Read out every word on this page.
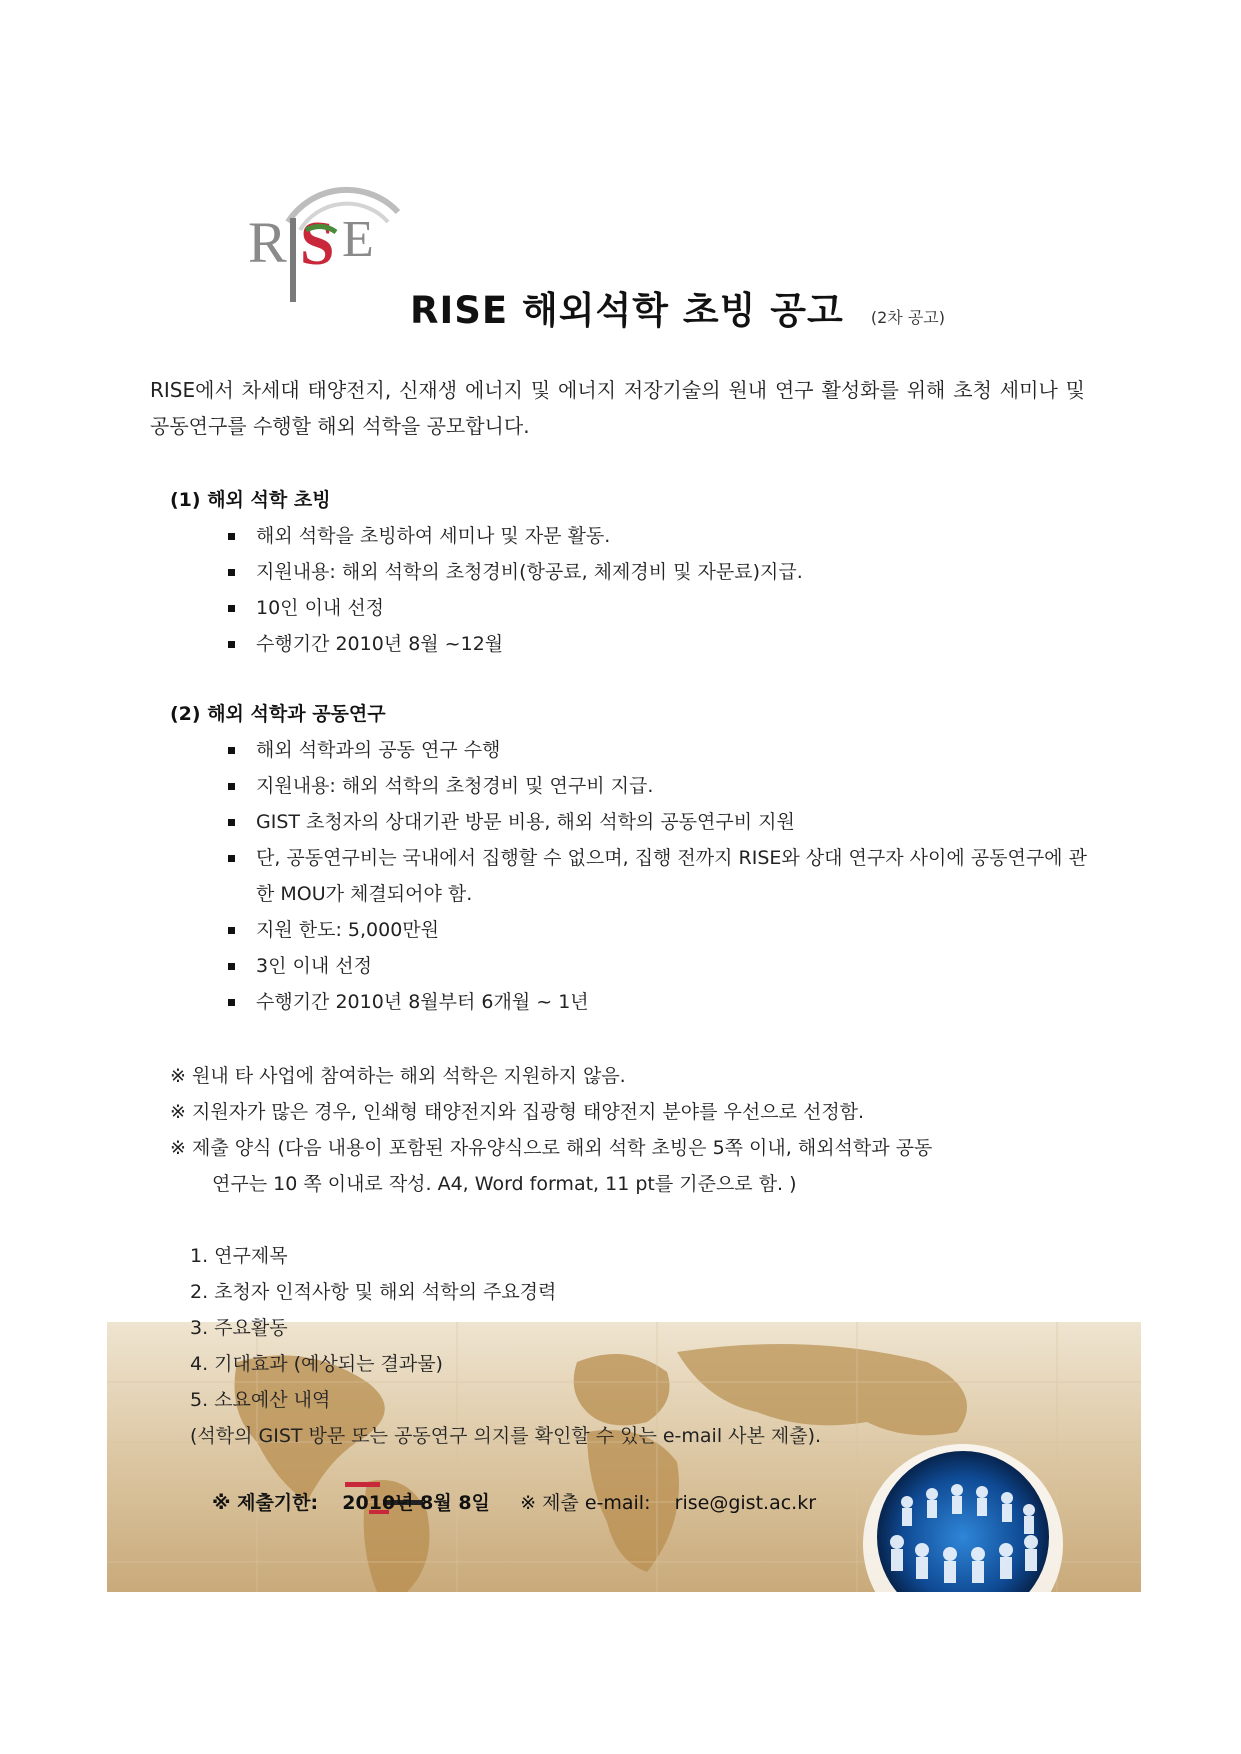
R S E
RISE 해외석학 초빙 공고 (2차 공고)
RISE에서 차세대 태양전지, 신재생 에너지 및 에너지 저장기술의 원내 연구 활성화를 위해 초청 세미나 및 공동연구를 수행할 해외 석학을 공모합니다.
(1) 해외 석학 초빙
해외 석학을 초빙하여 세미나 및 자문 활동.
지원내용: 해외 석학의 초청경비(항공료, 체제경비 및 자문료)지급.
10인 이내 선정
수행기간 2010년 8월 ~12월
(2) 해외 석학과 공동연구
해외 석학과의 공동 연구 수행
지원내용: 해외 석학의 초청경비 및 연구비 지급.
GIST 초청자의 상대기관 방문 비용, 해외 석학의 공동연구비 지원
단, 공동연구비는 국내에서 집행할 수 없으며, 집행 전까지 RISE와 상대 연구자 사이에 공동연구에 관한 MOU가 체결되어야 함.
지원 한도: 5,000만원
3인 이내 선정
수행기간 2010년 8월부터 6개월 ~ 1년
※ 원내 타 사업에 참여하는 해외 석학은 지원하지 않음.
※ 지원자가 많은 경우, 인쇄형 태양전지와 집광형 태양전지 분야를 우선으로 선정함.
※ 제출 양식 (다음 내용이 포함된 자유양식으로 해외 석학 초빙은 5쪽 이내, 해외석학과 공동
연구는 10 쪽 이내로 작성. A4, Word format, 11 pt를 기준으로 함. )
1. 연구제목
2. 초청자 인적사항 및 해외 석학의 주요경력
3. 주요활동
4. 기대효과 (예상되는 결과물)
5. 소요예산 내역
(석학의 GIST 방문 또는 공동연구 의지를 확인할 수 있는 e-mail 사본 제출).
※ 제출기한: 2010년 8월 8일 ※ 제출 e-mail: rise@gist.ac.kr
